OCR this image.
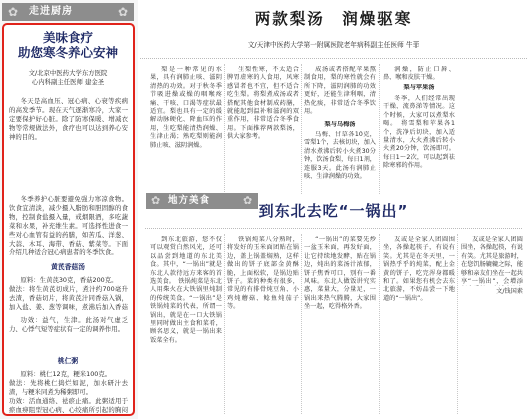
✿ 走进厨房	✿
美味食疗
助您寒冬养心安神
文/北京中医药大学东方医院
心内科副主任医师 建金圣
冬天是高血压、冠心病、心衰等疾病的高发季节。现在天气逐渐寒冷，大家一定要保护好心脏。除了防寒保暖、增减衣物等常规做法外，食疗也可以达到养心安神的目的。
冬季养护心脏要避免强力寒凉食物。饮食宜清淡，减少摄入脂肪和胆固醇的食物，控制食盐摄入量，戒烟限酒，多吃蔬菜和水果，补充维生素。可选择性进食一些对心血管有益的药膳，如苦瓜、洋葱、大蒜、木耳、海带、香菇、紫菜等。下面介绍几种适合冠心病患者的冬季饮食。
黄芪香菇汤
原料：生黄芪30克，香菇200克。
做法：将生黄芪切成片，煮汁约700毫升去渣，香菇切片，将黄芪汁同香菇入锅，加入盐、姜、葱等调味，煮沸后加入香菇
功效：益气，生津。此汤对气虚乏力、心悸气短等症状有一定的调养作用。
桃仁粥
原料：桃仁12克，粳米100克。
做法：先将桃仁捣烂如泥，加水研汁去渣，与粳米同煮为稀粥即可。
功效：活血通络、袪瘀止痛。此粥适用于瘀血痹阻型冠心病、心绞痛所引起的胸闷
两款梨汤　润燥驱寒
文/天津中医药大学第一附属医院老年病科副主任医师 牛菲
梨是一种常见的水果，具有润肺止咳、滋阴清热的功效。对于秋冬季节吸进燥或燥的咽喉疼痛、干咳、口渴等症状最适宜。梨也具有一定的缓解动脉硬化、降血压的作用，生吃梨能清热润燥、生津止渴；熟吃梨则能润肺止咳、滋阴润燥。
生梨性寒，不太适合脾胃虚寒的人食用，风寒感冒者也不宜，但不适合吃生梨。将梨煮成汤或者搭配其他食材制成药膳，就能起到温补和滋润的双重作用，非常适合冬季食用。下面推荐两款梨汤，供大家参考。
成汤或者搭配苹果熬制食用，梨的寒性就会有所下降，滋阴润肺的功效更好，还能生津利咽，清热化痰，非常适合冬季饮用。
梨与乌梅汤
乌梅、甘草各10克，雪梨1个，去核切块，加入清水煮沸后转小火煮30分钟，饮汤食梨，每日1剂，连服3天。此汤有润肺止咳、生津润燥的功效。
润燥，防止口唇、鼻、喉和皮肤干燥。
梨与苹果汤
冬季，人们经常出现干燥、流鼻涕等情况。这个时候，大家可以煮梨水喝。　将雪梨和苹果各1个，洗净后切块，加入适量清水，大火煮沸后转小火煮20分钟，饮汤即可。每日1～2次，可以起到祛除寒邪的作用。
✿ 地方美食	✿
到东北去吃“一锅出”
到东北旅游，您不仅可以观赏白然风光，还可以品尝到地道的东北美食。其中，“一锅出”就是东北人款待远方来客的首选美食。　铁锅炖菜是东北人用柴火在大铁锅里炖制的传统美食。“一锅出”是铁锅炖菜的代表，所谓一锅出，就是在一口大铁锅里同时做出主食和菜肴，顾名思义，就是一锅出来饭菜全有。
铁锅炖菜八分熟时，将发好的玉米面团贴在锅边，盖上锅盖焖熟，这样做出的饼子底部金黄酥脆，上面松软，是锅边贴饼子。菜的种类有很多，常见的有排骨炖豆角、小鸡炖蘑菇、鲶鱼炖茄子等。
“一锅出”的菜要先炒一盆玉米面，再发好面，让它持续地发酵，贴在锅边，炖出的菜汤汁浓郁，饼子焦香可口，别有一番风味。东北人做饭讲究实惠，菜量大，分量足，一锅出来热气腾腾，大家围坐一起，吃得格外香。
友或是全家人团圆围坐，各操起筷子，有说有笑。尤其是在冬天里，一锅热乎乎的炖菜，配上金黄的饼子，吃完浑身都暖和了。如果您有机会去东北旅游，不妨品尝一下地道的“一锅出”。
友或是全家人团圆围坐，各操起筷，有说有笑。尤其是旅游时，在您饥肠辘辘之际，能够和亲友们坐在一起共享“一锅出”，会增添
文/钱国素
